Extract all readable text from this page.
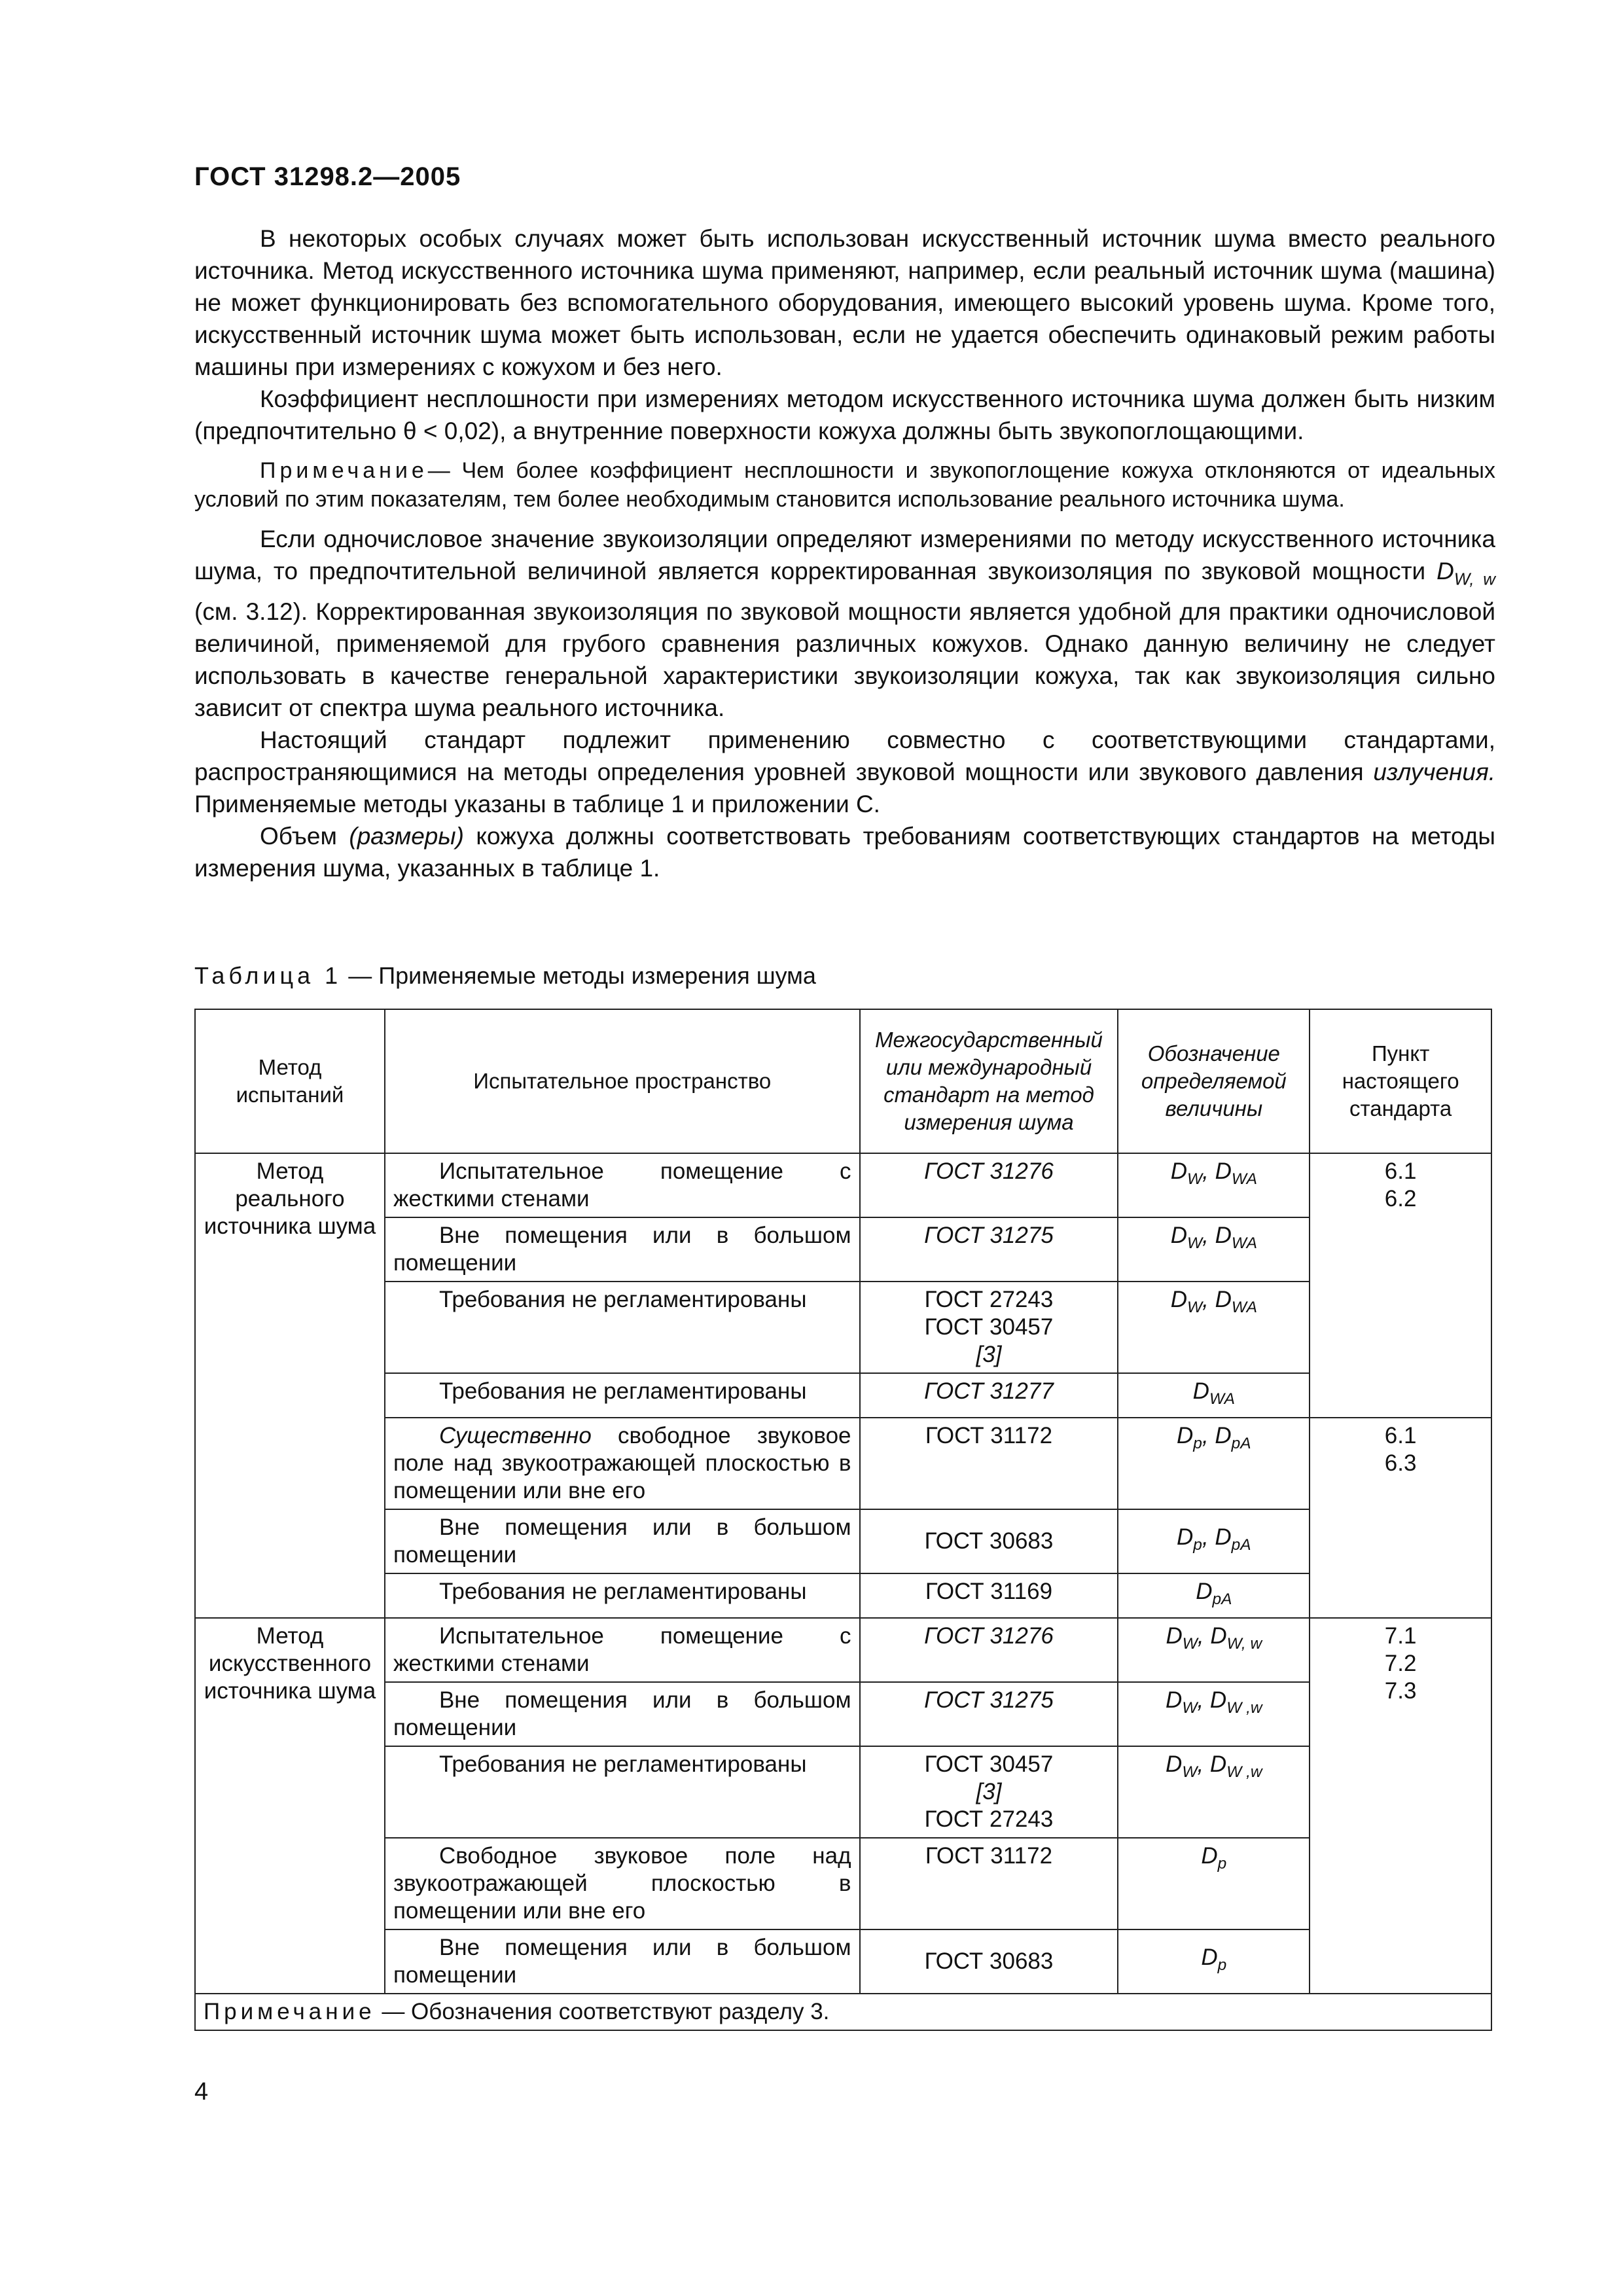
ГОСТ 31298.2—2005

В некоторых особых случаях может быть использован искусственный источник шума вместо реального источника. Метод искусственного источника шума применяют, например, если реальный источник шума (машина) не может функционировать без вспомогательного оборудования, имеющего высокий уровень шума. Кроме того, искусственный источник шума может быть использован, если не удается обеспечить одинаковый режим работы машины при измерениях с кожухом и без него.

Коэффициент несплошности при измерениях методом искусственного источника шума должен быть низким (предпочтительно θ < 0,02), а внутренние поверхности кожуха должны быть звукопоглощающими.

Примечание— Чем более коэффициент несплошности и звукопоглощение кожуха отклоняются от идеальных условий по этим показателям, тем более необходимым становится использование реального источника шума.

Если одночисловое значение звукоизоляции определяют измерениями по методу искусственного источника шума, то предпочтительной величиной является корректированная звукоизоляция по звуковой мощности $D_{W, w}$ (см. 3.12). Корректированная звукоизоляция по звуковой мощности является удобной для практики одночисловой величиной, применяемой для грубого сравнения различных кожухов. Однако данную величину не следует использовать в качестве генеральной характеристики звукоизоляции кожуха, так как звукоизоляция сильно зависит от спектра шума реального источника.

Настоящий стандарт подлежит применению совместно с соответствующими стандартами, распространяющимися на методы определения уровней звуковой мощности или звукового давления излучения. Применяемые методы указаны в таблице 1 и приложении С.

Объем (размеры) кожуха должны соответствовать требованиям соответствующих стандартов на методы измерения шума, указанных в таблице 1.

Таблица 1 — Применяемые методы измерения шума
Метод испытаний	Испытательное пространство	Межгосударственный или международный стандарт на метод измерения шума	Обозначение определяемой величины	Пункт настоящего стандарта

Метод реального источника шума	Испытательное помещение с жесткими стенами	ГОСТ 31276	$D_W$, $D_{WA}$	6.1
6.2

	Вне помещения или в большом помещении	ГОСТ 31275	$D_W$, $D_{WA}$
	Требования не регламентированы	ГОСТ 27243
ГОСТ 30457
[3]	$D_W$, $D_{WA}$
	Требования не регламентированы	ГОСТ 31277	$D_{WA}$
	Существенно свободное звуковое поле над звукоотражающей плоскостью в помещении или вне его	ГОСТ 31172	$D_p$, $D_{pA}$	6.1
6.3

	Вне помещения или в большом помещении	ГОСТ 30683	$D_p$, $D_{pA}$
	Требования не регламентированы	ГОСТ 31169	$D_{pA}$
Метод искусственного источника шума	Испытательное помещение с жесткими стенами	ГОСТ 31276	$D_W$, $D_{W, w}$	7.1
7.2
7.3

	Вне помещения или в большом помещении	ГОСТ 31275	$D_W$, $D_{W ,w}$
	Требования не регламентированы	ГОСТ 30457
[3]
ГОСТ 27243	$D_W$, $D_{W ,w}$
	Свободное звуковое поле над звукоотражающей плоскостью в помещении или вне его	ГОСТ 31172	$D_p$
	Вне помещения или в большом помещении	ГОСТ 30683	$D_p$
Примечание — Обозначения соответствуют разделу 3.				
4
